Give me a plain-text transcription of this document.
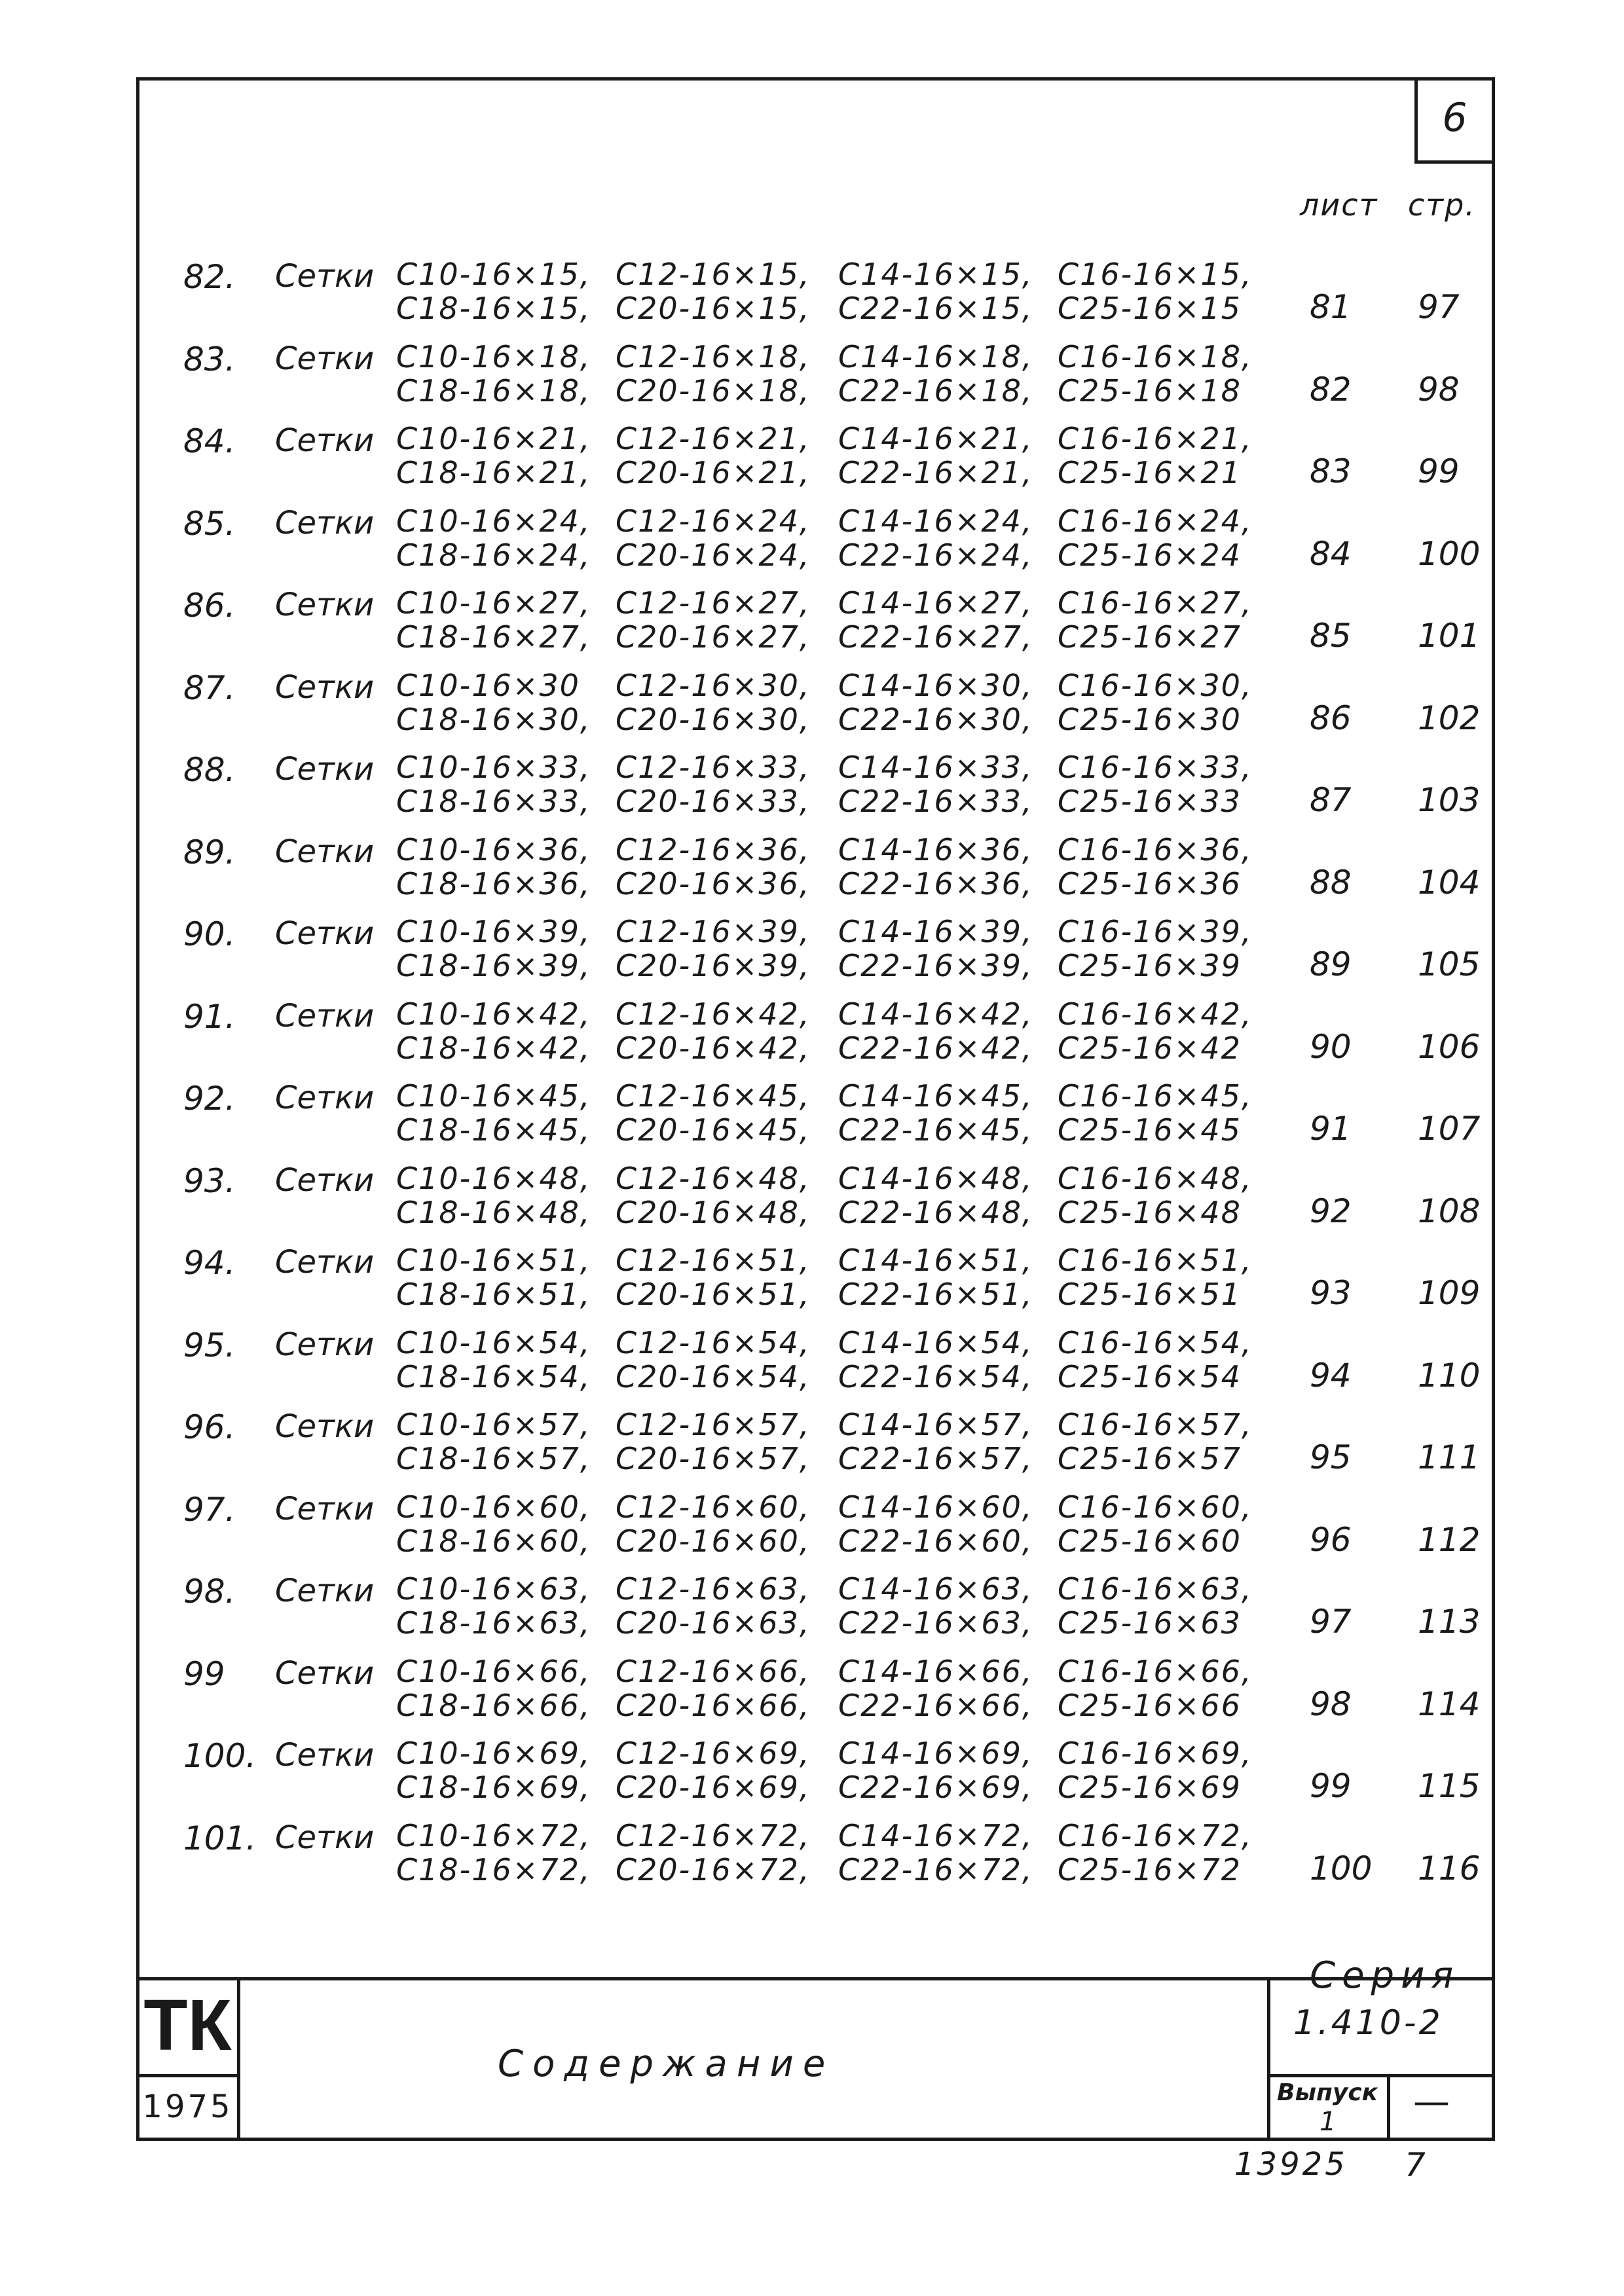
6
лист стр.
82. Сетки С10-16×15,
С18-16×15,
С12-16×15,
С20-16×15,
С14-16×15,
С22-16×15,
С16-16×15,
С25-16×15 81 97
83. Сетки С10-16×18,
С18-16×18,
С12-16×18,
С20-16×18,
С14-16×18,
С22-16×18,
С16-16×18,
С25-16×18 82 98
84. Сетки С10-16×21,
С18-16×21,
С12-16×21,
С20-16×21,
С14-16×21,
С22-16×21,
С16-16×21,
С25-16×21 83 99
85. Сетки С10-16×24,
С18-16×24,
С12-16×24,
С20-16×24,
С14-16×24,
С22-16×24,
С16-16×24,
С25-16×24 84 100
86. Сетки С10-16×27,
С18-16×27,
С12-16×27,
С20-16×27,
С14-16×27,
С22-16×27,
С16-16×27,
С25-16×27 85 101
87. Сетки С10-16×30
С18-16×30,
С12-16×30,
С20-16×30,
С14-16×30,
С22-16×30,
С16-16×30,
С25-16×30 86 102
88. Сетки С10-16×33,
С18-16×33,
С12-16×33,
С20-16×33,
С14-16×33,
С22-16×33,
С16-16×33,
С25-16×33 87 103
89. Сетки С10-16×36,
С18-16×36,
С12-16×36,
С20-16×36,
С14-16×36,
С22-16×36,
С16-16×36,
С25-16×36 88 104
90. Сетки С10-16×39,
С18-16×39,
С12-16×39,
С20-16×39,
С14-16×39,
С22-16×39,
С16-16×39,
С25-16×39 89 105
91. Сетки С10-16×42,
С18-16×42,
С12-16×42,
С20-16×42,
С14-16×42,
С22-16×42,
С16-16×42,
С25-16×42 90 106
92. Сетки С10-16×45,
С18-16×45,
С12-16×45,
С20-16×45,
С14-16×45,
С22-16×45,
С16-16×45,
С25-16×45 91 107
93. Сетки С10-16×48,
С18-16×48,
С12-16×48,
С20-16×48,
С14-16×48,
С22-16×48,
С16-16×48,
С25-16×48 92 108
94. Сетки С10-16×51,
С18-16×51,
С12-16×51,
С20-16×51,
С14-16×51,
С22-16×51,
С16-16×51,
С25-16×51 93 109
95. Сетки С10-16×54,
С18-16×54,
С12-16×54,
С20-16×54,
С14-16×54,
С22-16×54,
С16-16×54,
С25-16×54 94 110
96. Сетки С10-16×57,
С18-16×57,
С12-16×57,
С20-16×57,
С14-16×57,
С22-16×57,
С16-16×57,
С25-16×57 95 111
97. Сетки С10-16×60,
С18-16×60,
С12-16×60,
С20-16×60,
С14-16×60,
С22-16×60,
С16-16×60,
С25-16×60 96 112
98. Сетки С10-16×63,
С18-16×63,
С12-16×63,
С20-16×63,
С14-16×63,
С22-16×63,
С16-16×63,
С25-16×63 97 113
99 Сетки С10-16×66,
С18-16×66,
С12-16×66,
С20-16×66,
С14-16×66,
С22-16×66,
С16-16×66,
С25-16×66 98 114
100. Сетки С10-16×69,
С18-16×69,
С12-16×69,
С20-16×69,
С14-16×69,
С22-16×69,
С16-16×69,
С25-16×69 99 115
101. Сетки С10-16×72,
С18-16×72,
С12-16×72,
С20-16×72,
С14-16×72,
С22-16×72,
С16-16×72,
С25-16×72 100 116
ТК
1975
Содержание
Серия
1.410-2
Выпуск
1 —
13925 7
